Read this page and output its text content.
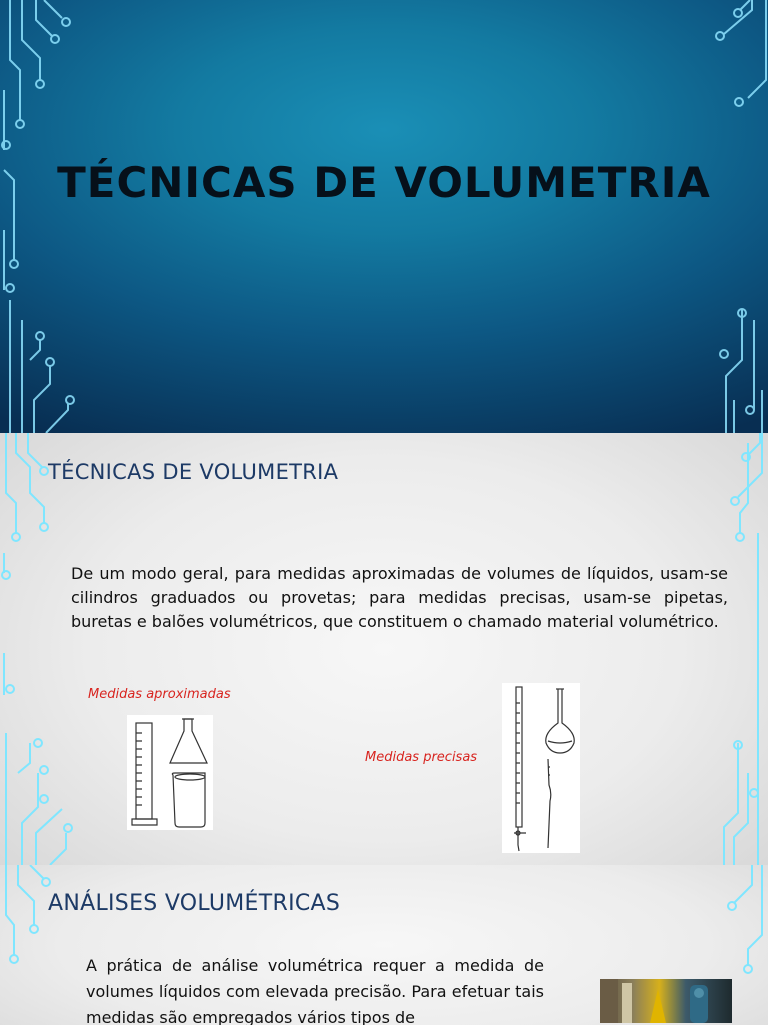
TÉCNICAS DE VOLUMETRIA
TÉCNICAS DE VOLUMETRIA
De um modo geral, para medidas aproximadas de volumes de líquidos, usam-se cilindros graduados ou provetas; para medidas precisas, usam-se pipetas, buretas e balões volumétricos, que constituem o chamado material volumétrico.
Medidas aproximadas
Medidas precisas
ANÁLISES VOLUMÉTRICAS
A prática de análise volumétrica requer a medida de volumes líquidos com elevada precisão. Para efetuar tais medidas são empregados vários tipos de
